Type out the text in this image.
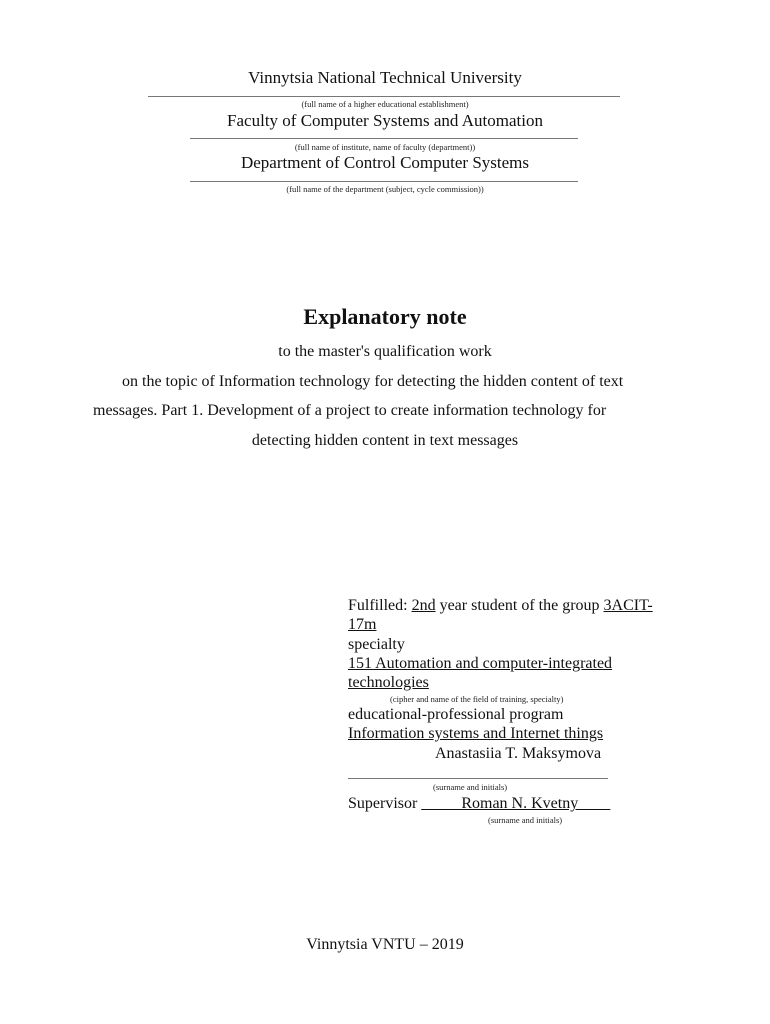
Vinnytsia National Technical University
(full name of a higher educational establishment)
Faculty of Computer Systems and Automation
(full name of institute, name of faculty (department))
Department of Control Computer Systems
(full name of the department (subject, cycle commission))
Explanatory note
to the master's qualification work
on the topic of Information technology for detecting the hidden content of text
messages. Part 1. Development of a project to create information technology for
detecting hidden content in text messages
Fulfilled: 2nd year student of the group 3ACIT-
17m
specialty
151 Automation and computer-integrated
technologies
(cipher and name of the field of training, specialty)
educational-professional program
Information systems and Internet things
Anastasiia T. Maksymova
(surname and initials)
Supervisor _____Roman N. Kvetny____
(surname and initials)
Vinnytsia VNTU – 2019
